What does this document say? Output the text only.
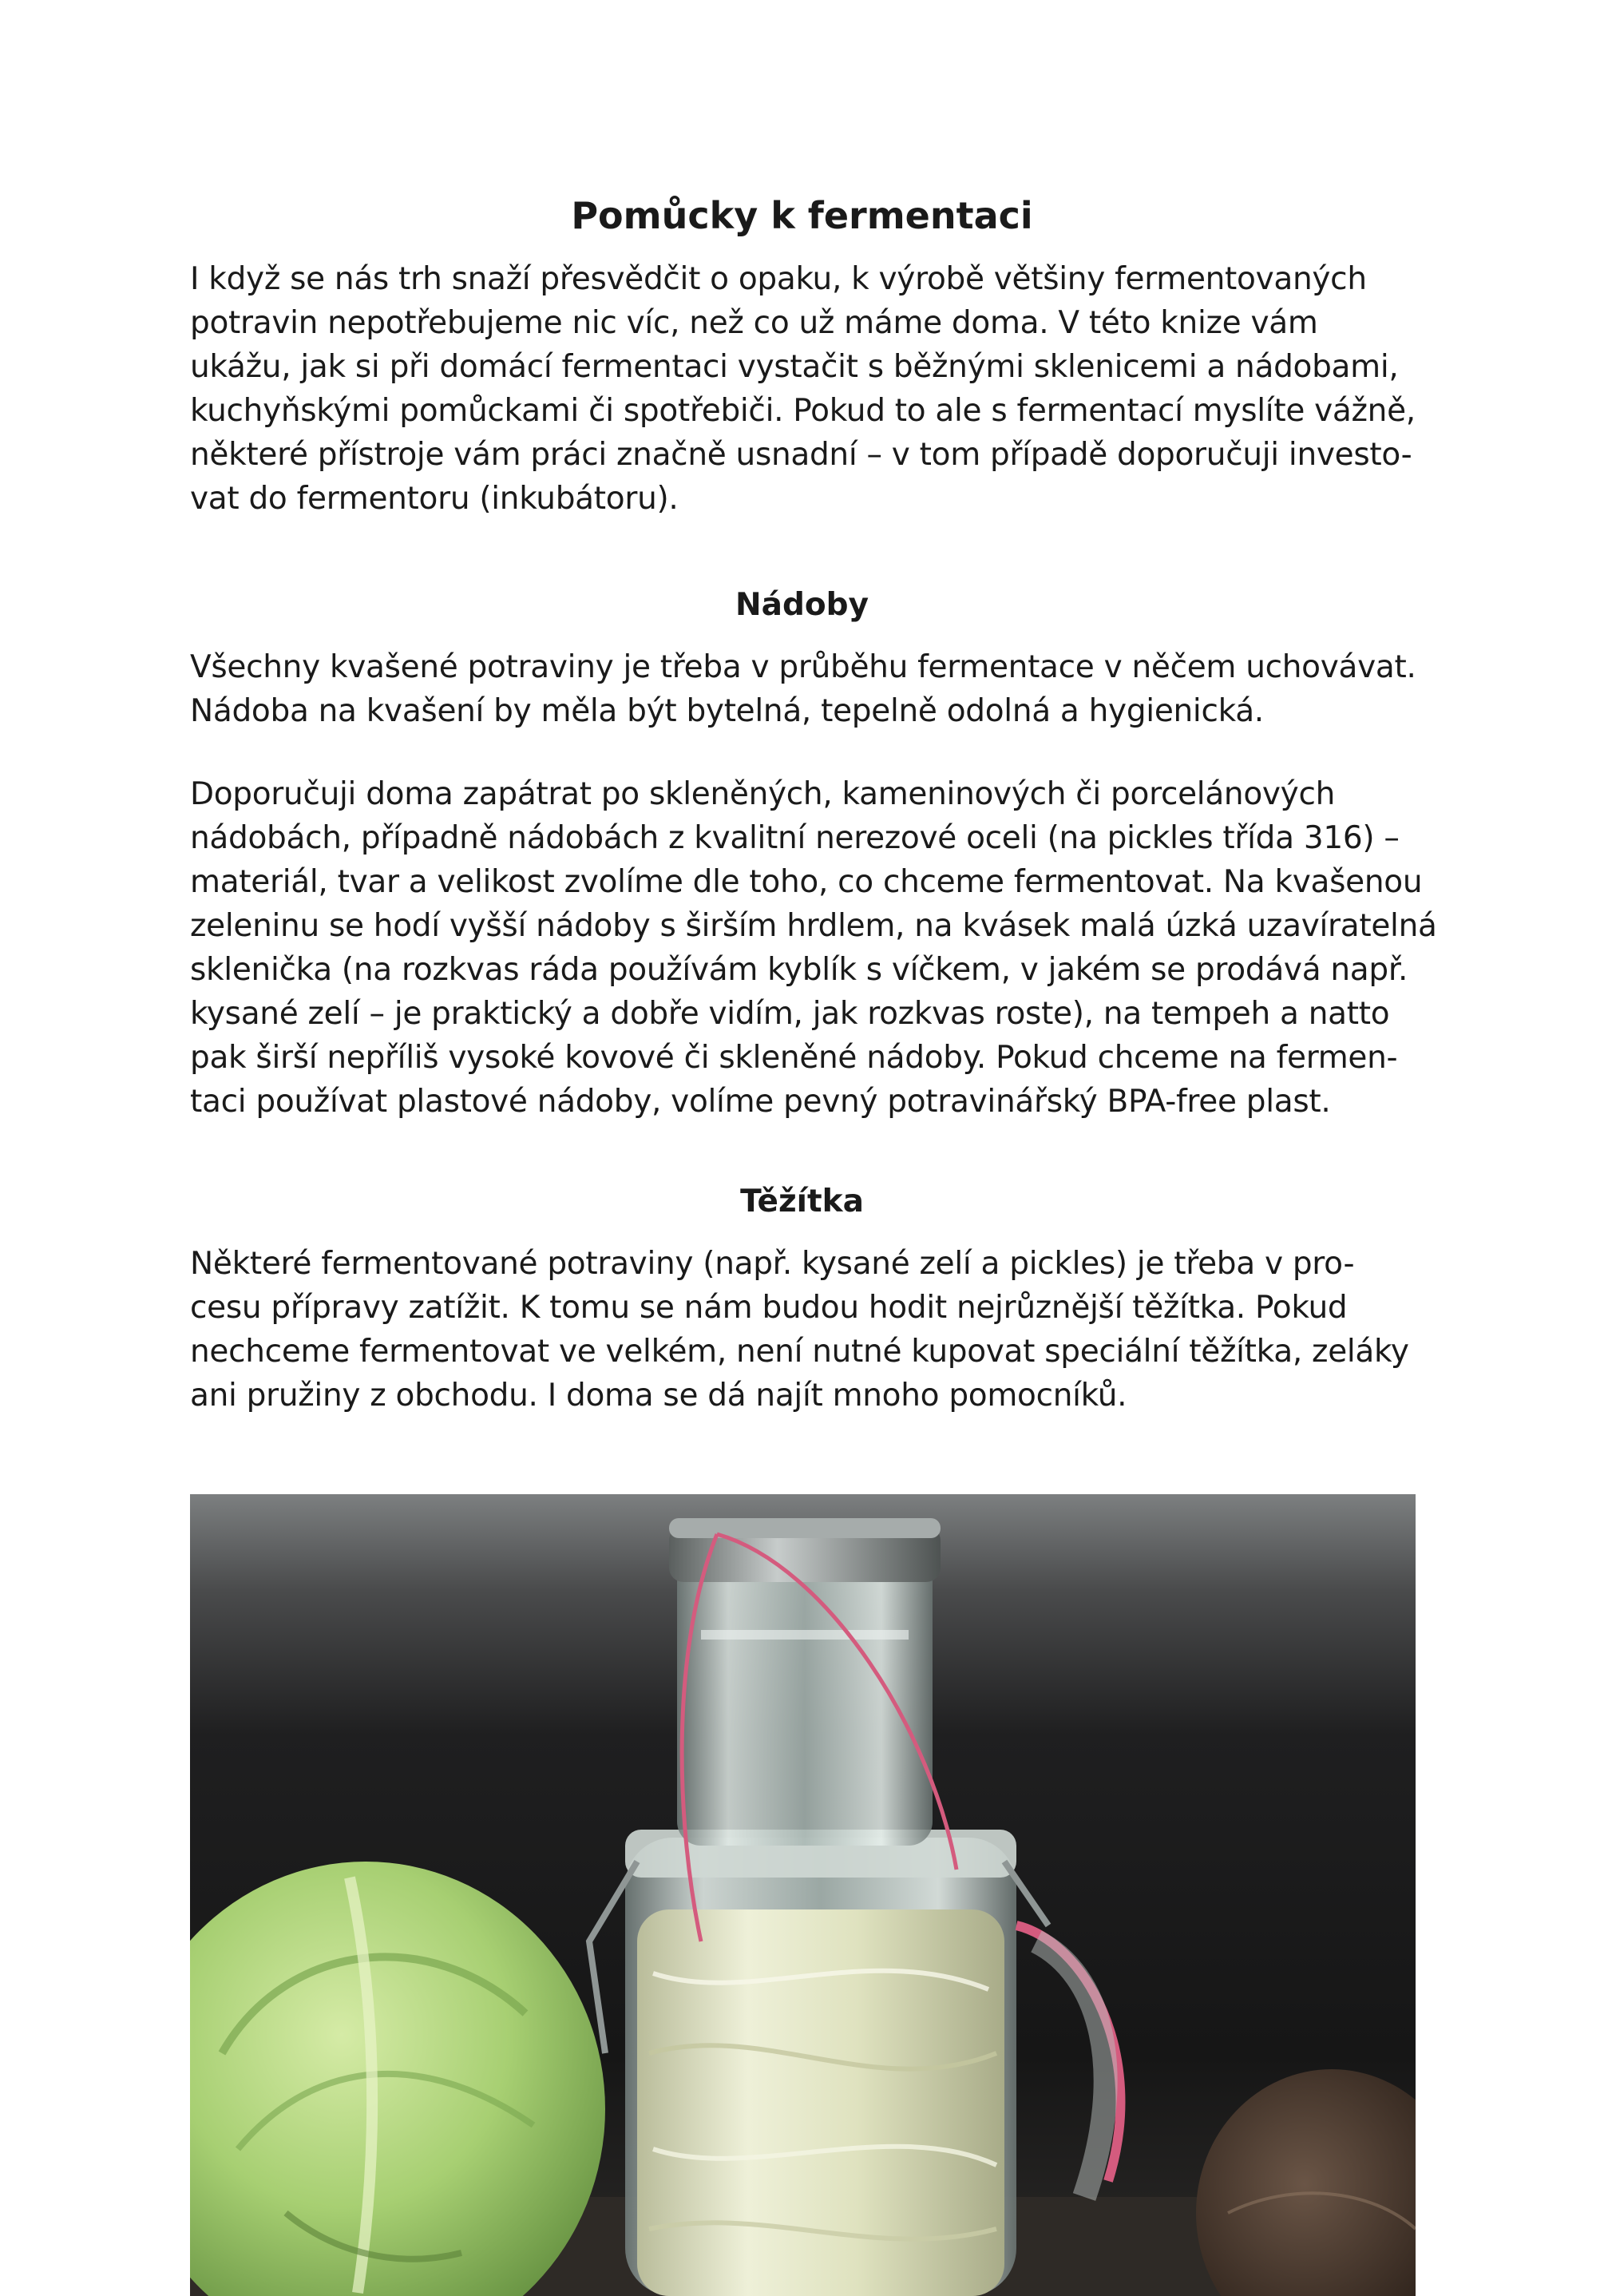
Pomůcky k fermentaci

I když se nás trh snaží přesvědčit o opaku, k výrobě většiny fermentovaných
potravin nepotřebujeme nic víc, než co už máme doma. V této knize vám
ukážu, jak si při domácí fermentaci vystačit s běžnými sklenicemi a nádobami,
kuchyňskými pomůckami či spotřebiči. Pokud to ale s fermentací myslíte vážně,
některé přístroje vám práci značně usnadní – v tom případě doporučuji investo-
vat do fermentoru (inkubátoru).

Nádoby

Všechny kvašené potraviny je třeba v průběhu fermentace v něčem uchovávat.
Nádoba na kvašení by měla být bytelná, tepelně odolná a hygienická.

Doporučuji doma zapátrat po skleněných, kameninových či porcelánových
nádobách, případně nádobách z kvalitní nerezové oceli (na pickles třída 316) –
materiál, tvar a velikost zvolíme dle toho, co chceme fermentovat. Na kvašenou
zeleninu se hodí vyšší nádoby s širším hrdlem, na kvásek malá úzká uzavíratelná
sklenička (na rozkvas ráda používám kyblík s víčkem, v jakém se prodává např.
kysané zelí – je praktický a dobře vidím, jak rozkvas roste), na tempeh a natto
pak širší nepříliš vysoké kovové či skleněné nádoby. Pokud chceme na fermen-
taci používat plastové nádoby, volíme pevný potravinářský BPA-free plast.

Těžítka

Některé fermentované potraviny (např. kysané zelí a pickles) je třeba v pro-
cesu přípravy zatížit. K tomu se nám budou hodit nejrůznější těžítka. Pokud
nechceme fermentovat ve velkém, není nutné kupovat speciální těžítka, zeláky
ani pružiny z obchodu. I doma se dá najít mnoho pomocníků.
